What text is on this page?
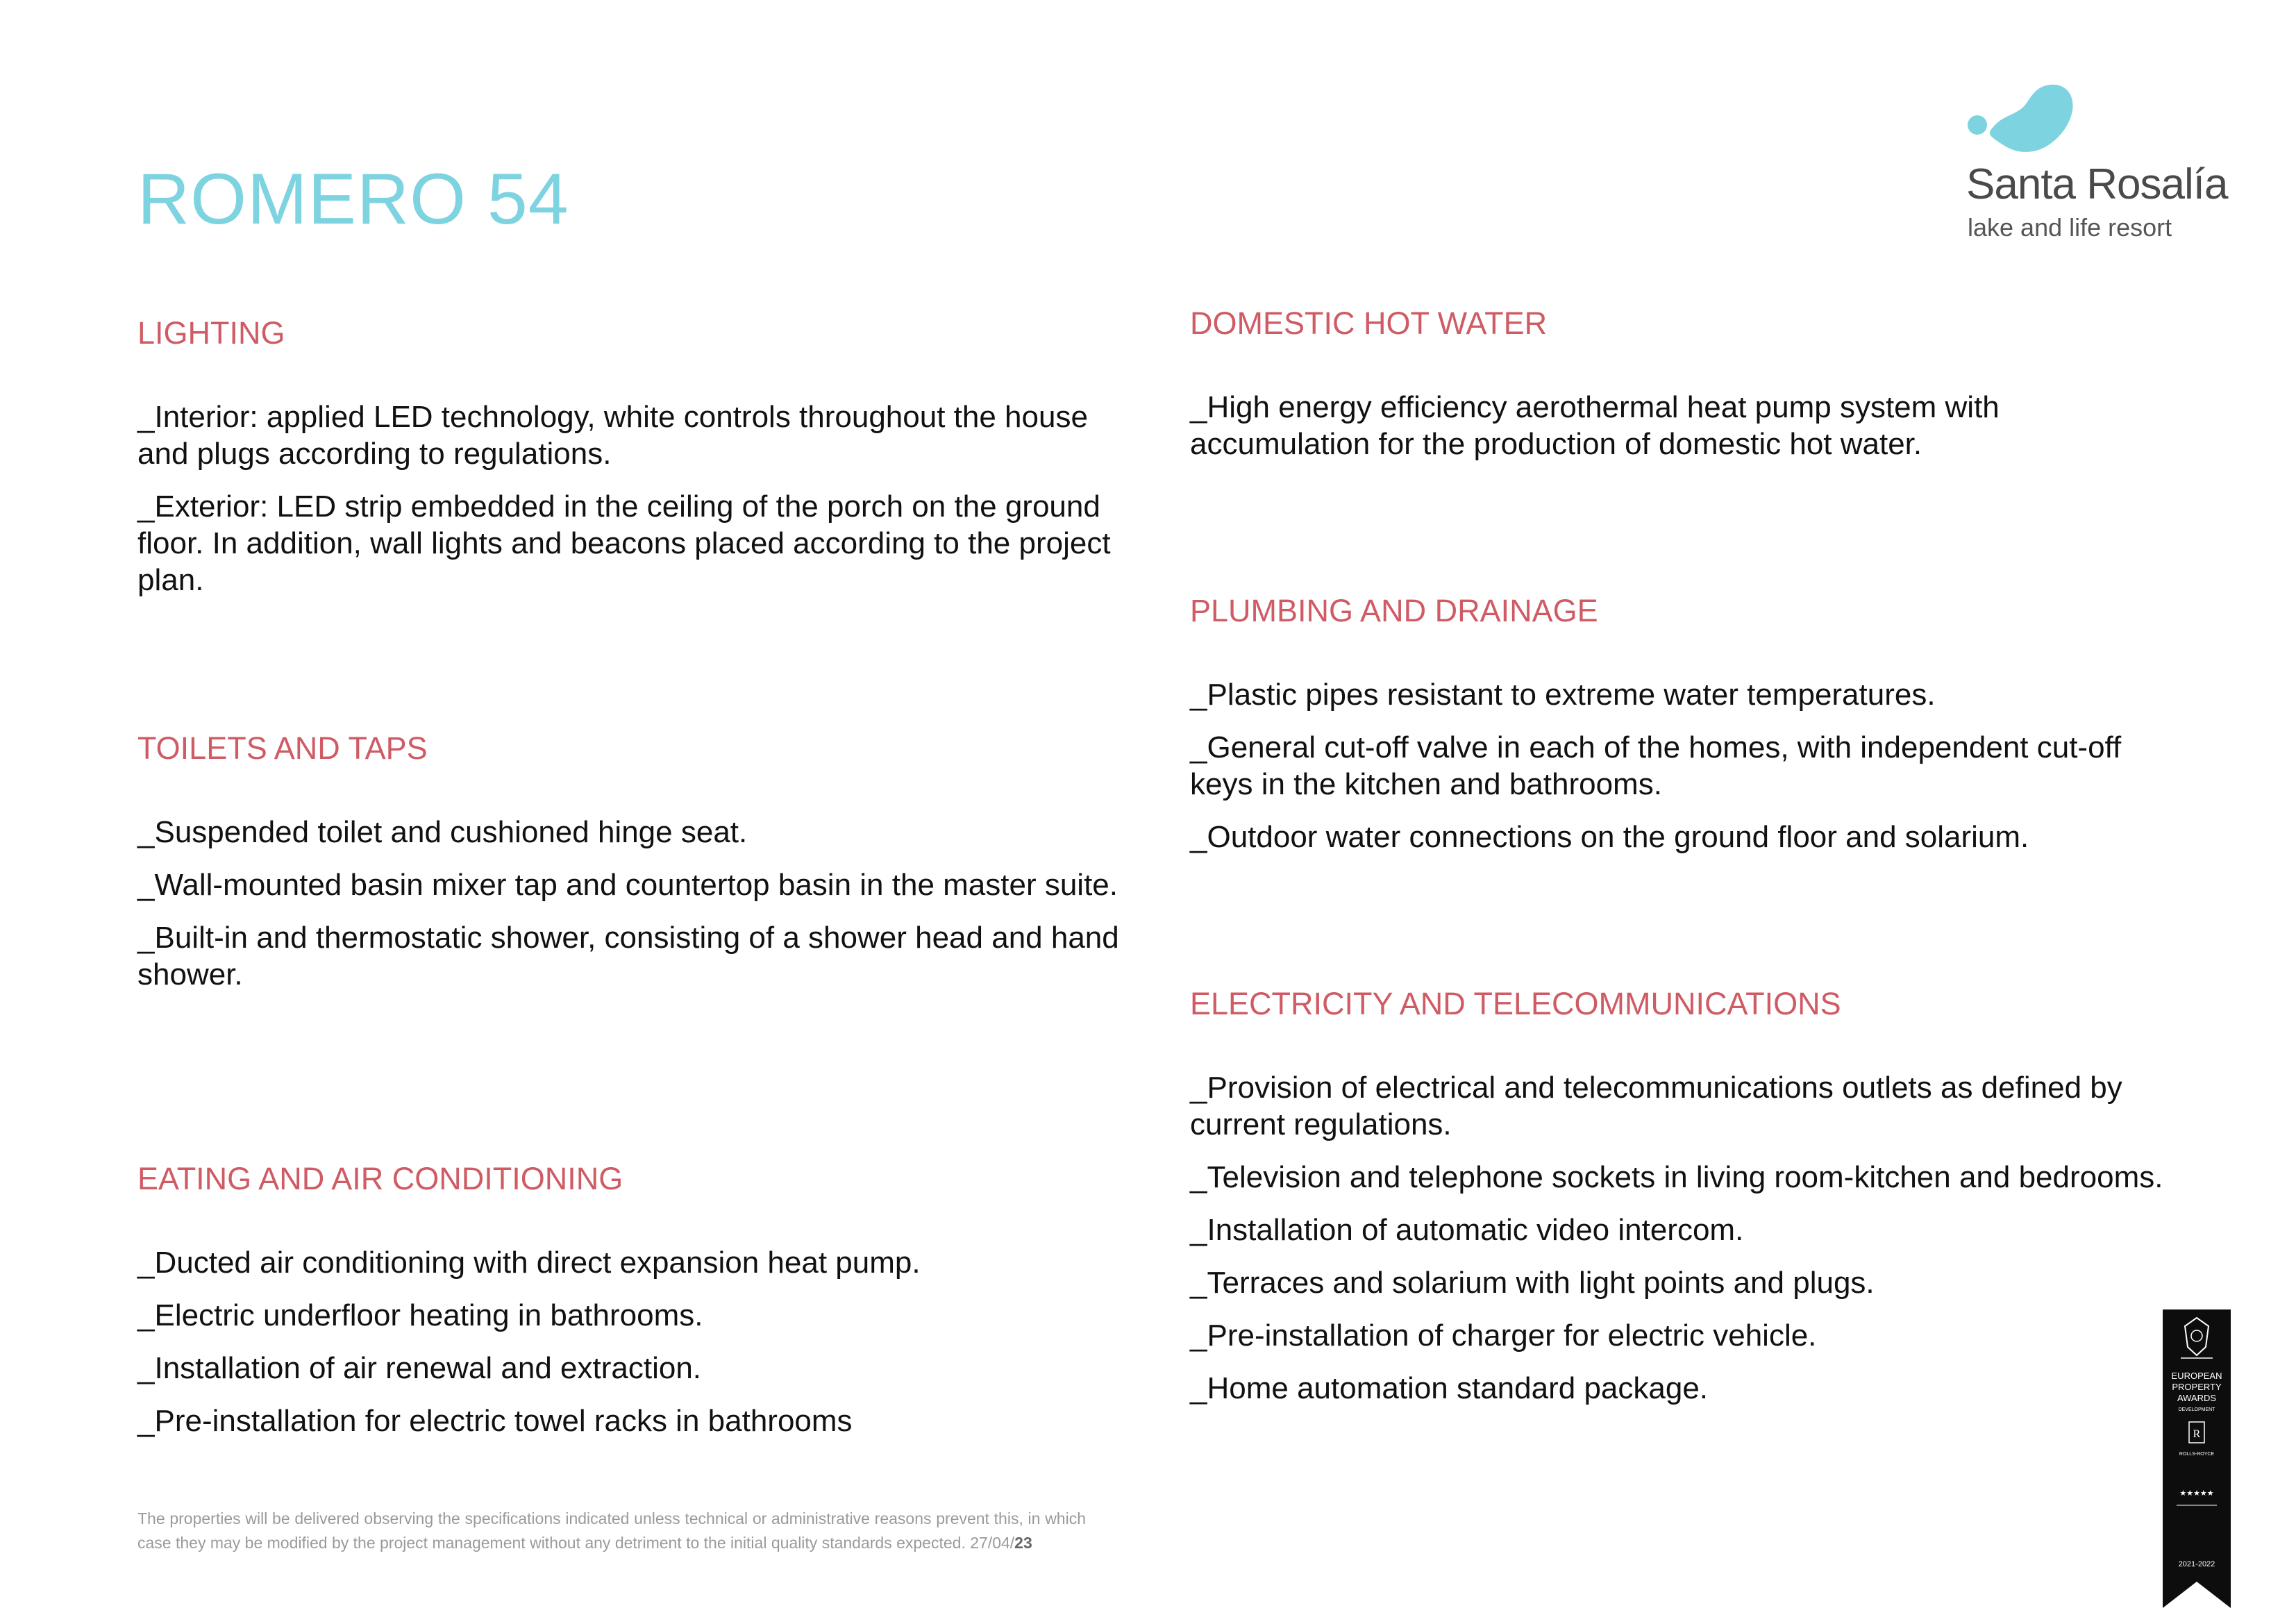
ROMERO 54	Santa Rosalía
lake and life resort
LIGHTING

_Interior: applied LED technology, white controls throughout the house and plugs according to regulations.

_Exterior: LED strip embedded in the ceiling of the porch on the ground floor. In addition, wall lights and beacons placed according to the project plan.

TOILETS AND TAPS

_Suspended toilet and cushioned hinge seat.

_Wall-mounted basin mixer tap and countertop basin in the master suite.

_Built-in and thermostatic shower, consisting of a shower head and hand shower.

EATING AND AIR CONDITIONING

_Ducted air conditioning with direct expansion heat pump.

_Electric underfloor heating in bathrooms.

_Installation of air renewal and extraction.

_Pre-installation for electric towel racks in bathrooms

DOMESTIC HOT WATER

_High energy efficiency aerothermal heat pump system with accumulation for the production of domestic hot water.

PLUMBING AND DRAINAGE

_Plastic pipes resistant to extreme water temperatures.

_General cut-off valve in each of the homes, with independent cut-off keys in the kitchen and bathrooms.

_Outdoor water connections on the ground floor and solarium.

ELECTRICITY AND TELECOMMUNICATIONS

_Provision of electrical and telecommunications outlets as defined by current regulations.

_Television and telephone sockets in living room-kitchen and bedrooms.

_Installation of automatic video intercom.

_Terraces and solarium with light points and plugs.

_Pre-installation of charger for electric vehicle.

_Home automation standard package.

The properties will be delivered observing the specifications indicated unless technical or administrative reasons prevent this, in which case they may be modified by the project management without any detriment to the initial quality standards expected. 27/04/23
EUROPEAN
PROPERTY
AWARDS
DEVELOPMENT
R
ROLLS-ROYCE
★★★★★
2021-2022
